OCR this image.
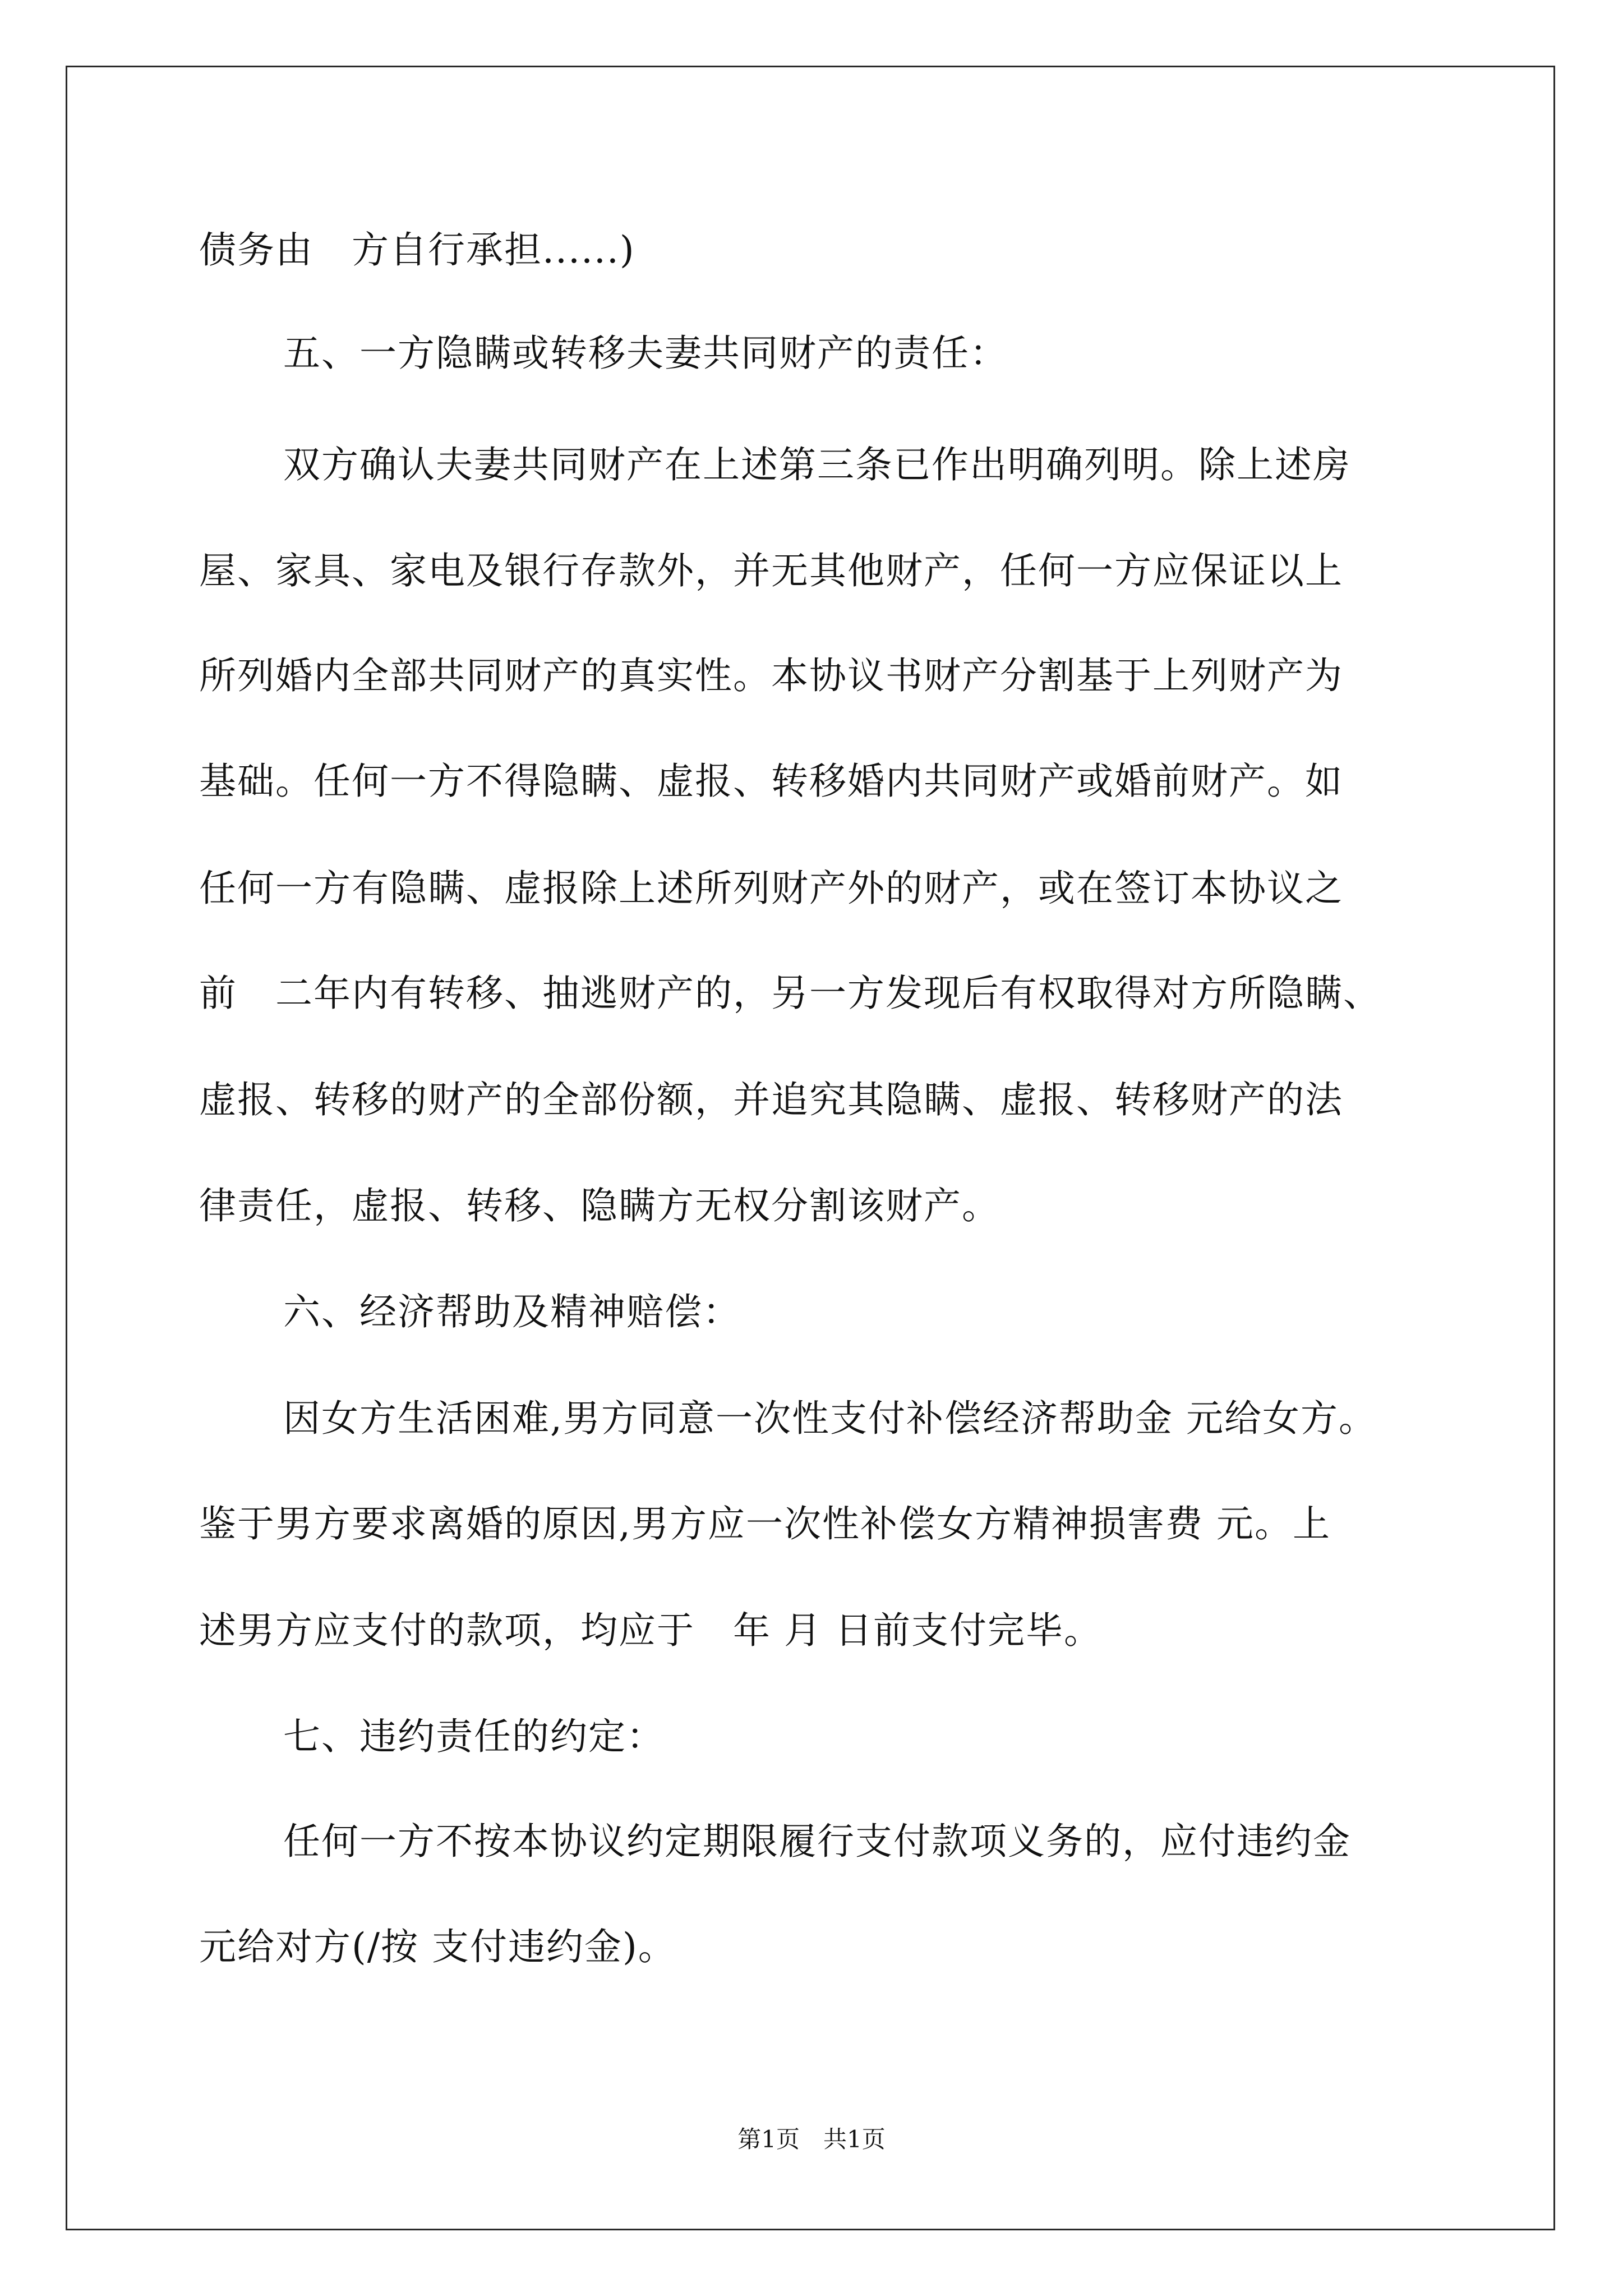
债务由　方自行承担......)
五、一方隐瞒或转移夫妻共同财产的责任：
双方确认夫妻共同财产在上述第三条已作出明确列明。除上述房
屋、家具、家电及银行存款外，并无其他财产，任何一方应保证以上
所列婚内全部共同财产的真实性。本协议书财产分割基于上列财产为
基础。任何一方不得隐瞒、虚报、转移婚内共同财产或婚前财产。如
任何一方有隐瞒、虚报除上述所列财产外的财产，或在签订本协议之
前　二年内有转移、抽逃财产的，另一方发现后有权取得对方所隐瞒、
虚报、转移的财产的全部份额，并追究其隐瞒、虚报、转移财产的法
律责任，虚报、转移、隐瞒方无权分割该财产。
六、经济帮助及精神赔偿：
因女方生活困难,男方同意一次性支付补偿经济帮助金 元给女方。
鉴于男方要求离婚的原因,男方应一次性补偿女方精神损害费 元。上
述男方应支付的款项，均应于　年 月 日前支付完毕。
七、违约责任的约定：
任何一方不按本协议约定期限履行支付款项义务的，应付违约金
元给对方(/按 支付违约金)。
第1页　共1页
